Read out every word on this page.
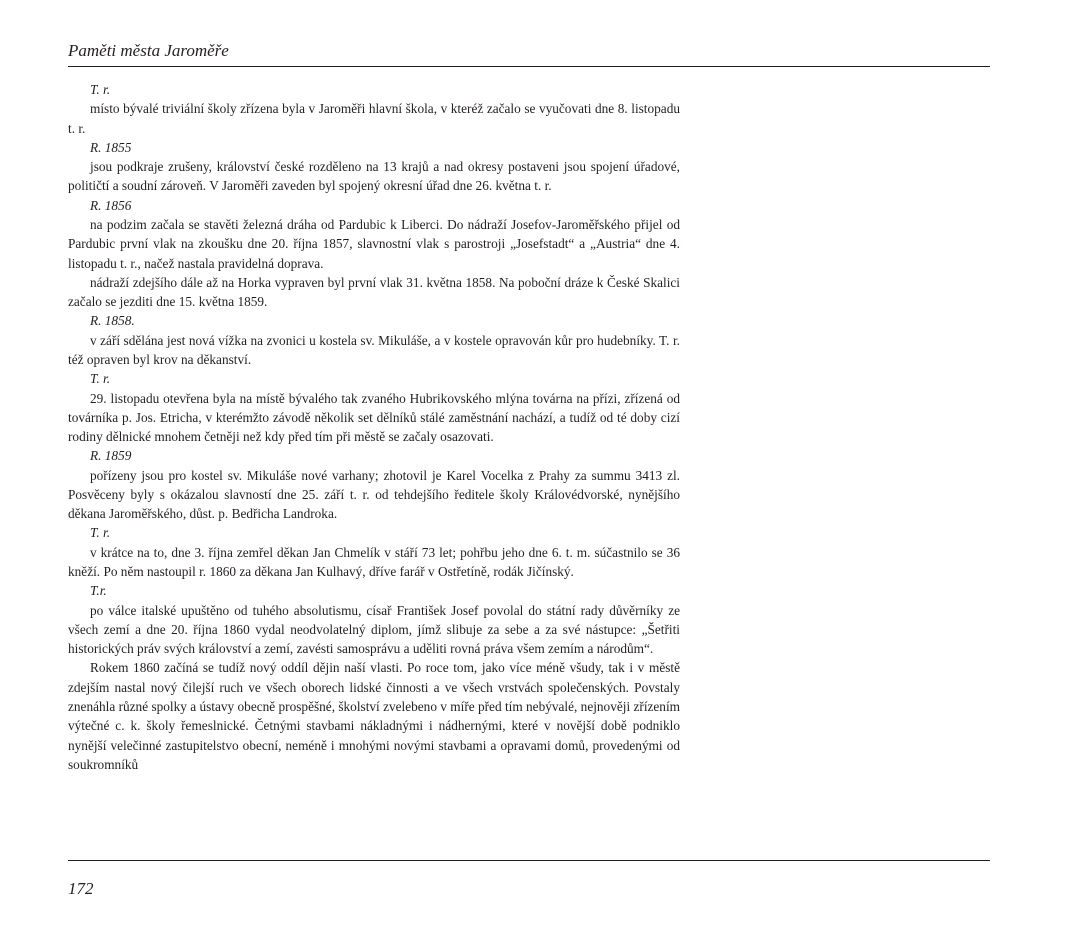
Paměti města Jaroměře

T. r.

místo bývalé triviální školy zřízena byla v Jaroměři hlavní škola, v kteréž začalo se vyučovati dne 8. listopadu t. r.

R. 1855

jsou podkraje zrušeny, království české rozděleno na 13 krajů a nad okresy postaveni jsou spojení úřadové, političtí a soudní zároveň. V Jaroměři zaveden byl spojený okresní úřad dne 26. května t. r.

R. 1856

na podzim začala se stavěti železná dráha od Pardubic k Liberci. Do nádraží Josefov-Jaroměřského přijel od Pardubic první vlak na zkoušku dne 20. října 1857, slavnostní vlak s parostroji „Josefstadt“ a „Austria“ dne 4. listopadu t. r., načež nastala pravidelná doprava.

nádraží zdejšího dále až na Horka vypraven byl první vlak 31. května 1858. Na poboční dráze k České Skalici začalo se jezditi dne 15. května 1859.

R. 1858.

v září sdělána jest nová vížka na zvonici u kostela sv. Mikuláše, a v kostele opravován kůr pro hudebníky. T. r. též opraven byl krov na děkanství.

T. r.

29. listopadu otevřena byla na místě bývalého tak zvaného Hubrikovského mlýna továrna na přízi, zřízená od továrníka p. Jos. Etricha, v kterémžto závodě několik set dělníků stálé zaměstnání nachází, a tudíž od té doby cizí rodiny dělnické mnohem četněji než kdy před tím při městě se začaly osazovati.

R. 1859

pořízeny jsou pro kostel sv. Mikuláše nové varhany; zhotovil je Karel Vocelka z Prahy za summu 3413 zl. Posvěceny byly s okázalou slavností dne 25. září t. r. od tehdejšího ředitele školy Královédvorské, nynějšího děkana Jaroměřského, důst. p. Bedřicha Landroka.

T. r.

v krátce na to, dne 3. října zemřel děkan Jan Chmelík v stáří 73 let; pohřbu jeho dne 6. t. m. súčastnilo se 36 kněží. Po něm nastoupil r. 1860 za děkana Jan Kulhavý, dříve farář v Ostřetíně, rodák Jičínský.

T.r.

po válce italské upuštěno od tuhého absolutismu, císař František Josef povolal do státní rady důvěrníky ze všech zemí a dne 20. října 1860 vydal neodvolatelný diplom, jímž slibuje za sebe a za své nástupce: „Šetřiti historických práv svých království a zemí, zavésti samosprávu a uděliti rovná práva všem zemím a národům“.

Rokem 1860 začíná se tudíž nový oddíl dějin naší vlasti. Po roce tom, jako více méně všudy, tak i v městě zdejším nastal nový čilejší ruch ve všech oborech lidské činnosti a ve všech vrstvách společenských. Povstaly znenáhla různé spolky a ústavy obecně prospěšné, školství zvelebeno v míře před tím nebývalé, nejnověji zřízením výtečné c. k. školy řemeslnické. Četnými stavbami nákladnými i nádhernými, které v novější době podniklo nynější velečinné zastupitelstvo obecní, neméně i mnohými novými stavbami a opravami domů, provedenými od soukromníků

172
